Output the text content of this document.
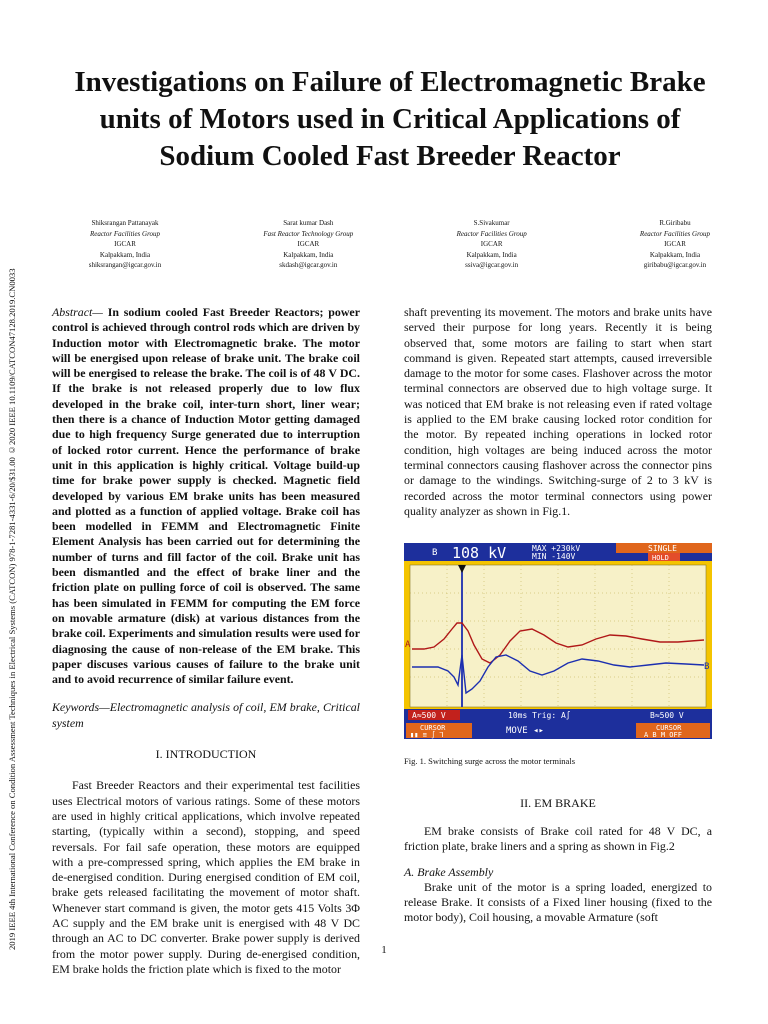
2019 IEEE 4th International Conference on Condition Assessment Techniques in Electrical Systems (CATCON) 978-1-7281-4331-6/20/$31.00 ©2020 IEEE 10.1109/CATCON47128.2019.CN0033
Investigations on Failure of Electromagnetic Brake units of Motors used in Critical Applications of Sodium Cooled Fast Breeder Reactor
Shiksrangan Pattanayak
Reactor Facilities Group
IGCAR
Kalpakkam, India
shiksrangan@igcar.gov.in
Sarat kumar Dash
Fast Reactor Technology Group
IGCAR
Kalpakkam, India
skdash@igcar.gov.in
S.Sivakumar
Reactor Facilities Group
IGCAR
Kalpakkam, India
ssiva@igcar.gov.in
R.Giribabu
Reactor Facilities Group
IGCAR
Kalpakkam, India
giribabu@igcar.gov.in

Abstract— In sodium cooled Fast Breeder Reactors; power control is achieved through control rods which are driven by Induction motor with Electromagnetic brake. The motor will be energised upon release of brake unit. The brake coil will be energised to release the brake. The coil is of 48 V DC. If the brake is not released properly due to low flux developed in the brake coil, inter-turn short, liner wear; then there is a chance of Induction Motor getting damaged due to high frequency Surge generated due to interruption of locked rotor current. Hence the performance of brake unit in this application is highly critical. Voltage build-up time for brake power supply is checked. Magnetic field developed by various EM brake units has been measured and plotted as a function of applied voltage. Brake coil has been modelled in FEMM and Electromagnetic Finite Element Analysis has been carried out for determining the number of turns and fill factor of the coil. Brake unit has been dismantled and the effect of brake liner and the friction plate on pulling force of coil is observed. The same has been simulated in FEMM for computing the EM force on movable armature (disk) at various distances from the brake coil. Experiments and simulation results were used for diagnosing the cause of non-release of the EM brake. This paper discuses various causes of failure to the brake unit and to avoid recurrence of similar failure event.

Keywords—Electromagnetic analysis of coil, EM brake, Critical system

I. INTRODUCTION

Fast Breeder Reactors and their experimental test facilities uses Electrical motors of various ratings. Some of these motors are used in highly critical applications, which involve repeated starting, (typically within a second), stopping, and speed reversals. For fail safe operation, these motors are equipped with a pre-compressed spring, which applies the EM brake in de-energised condition. During energised condition of EM coil, brake gets released facilitating the movement of motor shaft. Whenever start command is given, the motor gets 415 Volts 3Φ AC supply and the EM brake unit is energised with 48 V DC through an AC to DC converter. Brake power supply is derived from the motor power supply. During de-energised condition, EM brake holds the friction plate which is fixed to the motor

shaft preventing its movement. The motors and brake units have served their purpose for long years. Recently it is being observed that, some motors are failing to start when start command is given. Repeated start attempts, caused irreversible damage to the motor for some cases. Flashover across the motor terminal connectors are observed due to high voltage surge. It was noticed that EM brake is not releasing even if rated voltage is applied to the EM brake causing locked rotor condition for the motor. By repeated inching operations in locked rotor condition, high voltages are being induced across the motor terminal connectors causing flashover across the connector pins or damage to the windings. Switching-surge of 2 to 3 kV is recorded across the motor terminal connectors using power quality analyzer as shown in Fig.1.

B 108 kV	MAX +230kV
MIN -140V
SINGLE
HOLD
A
B
A≈500 V	10ms Trig: A∫	B≈500 V
CURSOR
▮▮ ≡ ∫ ⅂	MOVE ◂▸	CURSOR
A B M OFF
Fig. 1. Switching surge across the motor terminals
II. EM BRAKE

EM brake consists of Brake coil rated for 48 V DC, a friction plate, brake liners and a spring as shown in Fig.2

A. Brake Assembly

Brake unit of the motor is a spring loaded, energized to release Brake. It consists of a Fixed liner housing (fixed to the motor body), Coil housing, a movable Armature (soft

1
